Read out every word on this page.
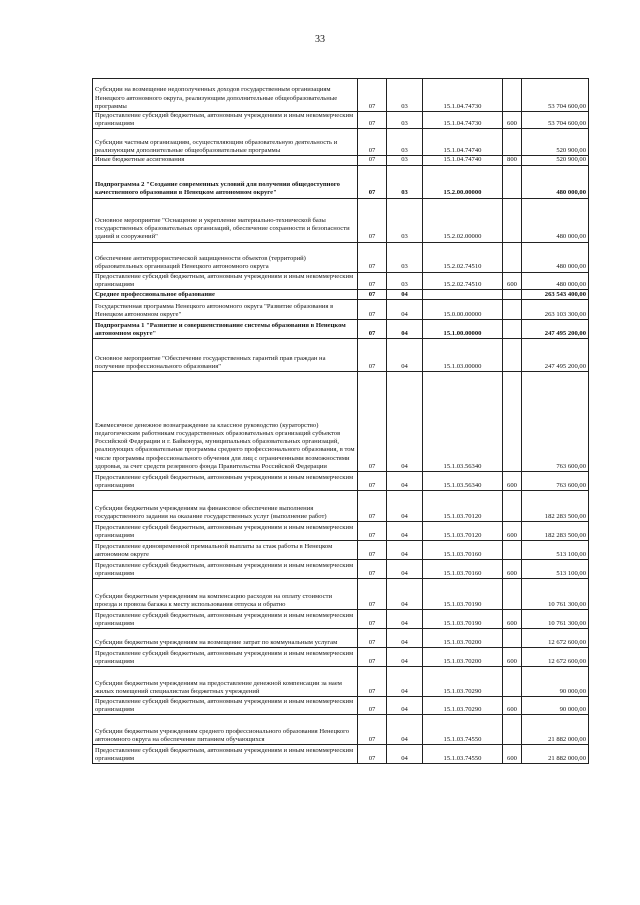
33
Субсидии на возмещение недополученных доходов государственным организациям Ненецкого автономного округа, реализующим дополнительные общеобразовательные программы	07	03	15.1.04.74730		53 704 600,00
Предоставление субсидий бюджетным, автономным учреждениям и иным некоммерческим организациям	07	03	15.1.04.74730	600	53 704 600,00
Субсидии частным организациям, осуществляющим образовательную деятельность и реализующим дополнительные общеобразовательные программы	07	03	15.1.04.74740		520 900,00
Иные бюджетные ассигнования	07	03	15.1.04.74740	800	520 900,00
Подпрограмма 2 "Создание современных условий для получения общедоступного качественного образования в Ненецком автономном округе"	07	03	15.2.00.00000		480 000,00
Основное мероприятие "Оснащение и укрепление материально-технической базы государственных образовательных организаций, обеспечение сохранности и безопасности зданий и сооружений"	07	03	15.2.02.00000		480 000,00
Обеспечение антитеррористической защищенности объектов (территорий) образовательных организаций Ненецкого автономного округа	07	03	15.2.02.74510		480 000,00
Предоставление субсидий бюджетным, автономным учреждениям и иным некоммерческим организациям	07	03	15.2.02.74510	600	480 000,00
Среднее профессиональное образование	07	04			263 543 400,00
Государственная программа Ненецкого автономного округа "Развитие образования в Ненецком автономном округе"	07	04	15.0.00.00000		263 103 300,00
Подпрограмма 1 "Развитие и совершенствование системы образования в Ненецком автономном округе"	07	04	15.1.00.00000		247 495 200,00
Основное мероприятие "Обеспечение государственных гарантий прав граждан на получение профессионального образования"	07	04	15.1.03.00000		247 495 200,00
Ежемесячное денежное вознаграждение за классное руководство (кураторство) педагогическим работникам государственных образовательных организаций субъектов Российской Федерации и г. Байконура, муниципальных образовательных организаций, реализующих образовательные программы среднего профессионального образования, в том числе программы профессионального обучения для лиц с ограниченными возможностями здоровья, за счет средств резервного фонда Правительства Российской Федерации	07	04	15.1.03.56340		763 600,00
Предоставление субсидий бюджетным, автономным учреждениям и иным некоммерческим организациям	07	04	15.1.03.56340	600	763 600,00
Субсидии бюджетным учреждениям на финансовое обеспечение выполнения государственного задания на оказание государственных услуг (выполнение работ)	07	04	15.1.03.70120		182 283 500,00
Предоставление субсидий бюджетным, автономным учреждениям и иным некоммерческим организациям	07	04	15.1.03.70120	600	182 283 500,00
Предоставление единовременной премиальной выплаты за стаж работы в Ненецком автономном округе	07	04	15.1.03.70160		513 100,00
Предоставление субсидий бюджетным, автономным учреждениям и иным некоммерческим организациям	07	04	15.1.03.70160	600	513 100,00
Субсидии бюджетным учреждениям на компенсацию расходов на оплату стоимости проезда и провоза багажа к месту использования отпуска и обратно	07	04	15.1.03.70190		10 761 300,00
Предоставление субсидий бюджетным, автономным учреждениям и иным некоммерческим организациям	07	04	15.1.03.70190	600	10 761 300,00
Субсидии бюджетным учреждениям на возмещение затрат по коммунальным услугам	07	04	15.1.03.70200		12 672 600,00
Предоставление субсидий бюджетным, автономным учреждениям и иным некоммерческим организациям	07	04	15.1.03.70200	600	12 672 600,00
Субсидии бюджетным учреждениям на предоставление денежной компенсации за наем жилых помещений специалистам бюджетных учреждений	07	04	15.1.03.70290		90 000,00
Предоставление субсидий бюджетным, автономным учреждениям и иным некоммерческим организациям	07	04	15.1.03.70290	600	90 000,00
Субсидии бюджетным учреждениям среднего профессионального образования Ненецкого автономного округа на обеспечение питанием обучающихся	07	04	15.1.03.74550		21 882 000,00
Предоставление субсидий бюджетным, автономным учреждениям и иным некоммерческим организациям	07	04	15.1.03.74550	600	21 882 000,00
